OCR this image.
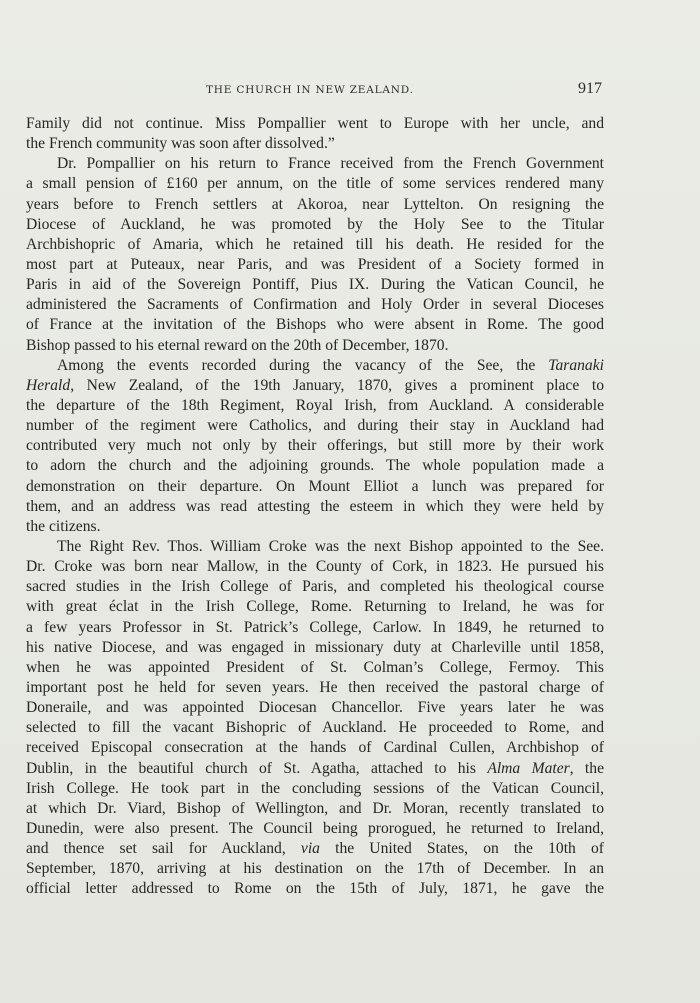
THE CHURCH IN NEW ZEALAND.	917
Family did not continue. Miss Pompallier went to Europe with her uncle, and
the French community was soon after dissolved.”
Dr. Pompallier on his return to France received from the French Government
a small pension of £160 per annum, on the title of some services rendered many
years before to French settlers at Akoroa, near Lyttelton. On resigning the
Diocese of Auckland, he was promoted by the Holy See to the Titular
Archbishopric of Amaria, which he retained till his death. He resided for the
most part at Puteaux, near Paris, and was President of a Society formed in
Paris in aid of the Sovereign Pontiff, Pius IX. During the Vatican Council, he
administered the Sacraments of Confirmation and Holy Order in several Dioceses
of France at the invitation of the Bishops who were absent in Rome. The good
Bishop passed to his eternal reward on the 20th of December, 1870.
Among the events recorded during the vacancy of the See, the Taranaki
Herald, New Zealand, of the 19th January, 1870, gives a prominent place to
the departure of the 18th Regiment, Royal Irish, from Auckland. A considerable
number of the regiment were Catholics, and during their stay in Auckland had
contributed very much not only by their offerings, but still more by their work
to adorn the church and the adjoining grounds. The whole population made a
demonstration on their departure. On Mount Elliot a lunch was prepared for
them, and an address was read attesting the esteem in which they were held by
the citizens.
The Right Rev. Thos. William Croke was the next Bishop appointed to the See.
Dr. Croke was born near Mallow, in the County of Cork, in 1823. He pursued his
sacred studies in the Irish College of Paris, and completed his theological course
with great éclat in the Irish College, Rome. Returning to Ireland, he was for
a few years Professor in St. Patrick’s College, Carlow. In 1849, he returned to
his native Diocese, and was engaged in missionary duty at Charleville until 1858,
when he was appointed President of St. Colman’s College, Fermoy. This
important post he held for seven years. He then received the pastoral charge of
Doneraile, and was appointed Diocesan Chancellor. Five years later he was
selected to fill the vacant Bishopric of Auckland. He proceeded to Rome, and
received Episcopal consecration at the hands of Cardinal Cullen, Archbishop of
Dublin, in the beautiful church of St. Agatha, attached to his Alma Mater, the
Irish College. He took part in the concluding sessions of the Vatican Council,
at which Dr. Viard, Bishop of Wellington, and Dr. Moran, recently translated to
Dunedin, were also present. The Council being prorogued, he returned to Ireland,
and thence set sail for Auckland, via the United States, on the 10th of
September, 1870, arriving at his destination on the 17th of December. In an
official letter addressed to Rome on the 15th of July, 1871, he gave the
